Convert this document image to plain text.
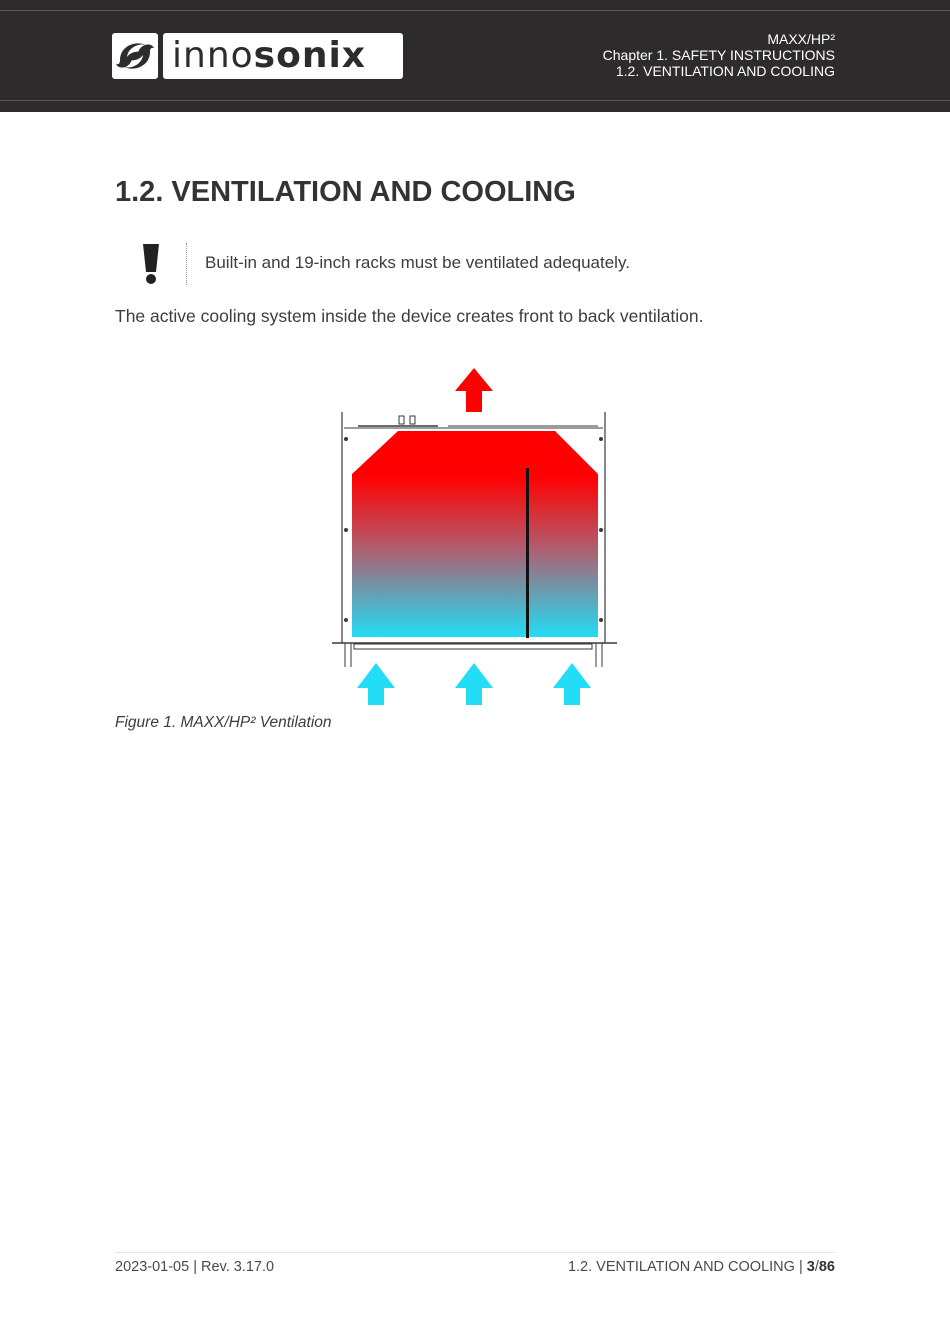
innosonix	MAXX/HP²
Chapter 1. SAFETY INSTRUCTIONS
1.2. VENTILATION AND COOLING
1.2. VENTILATION AND COOLING
Built-in and 19-inch racks must be ventilated adequately.
The active cooling system inside the device creates front to back ventilation.
Figure 1. MAXX/HP² Ventilation
2023-01-05 | Rev. 3.17.0	1.2. VENTILATION AND COOLING | 3/86
